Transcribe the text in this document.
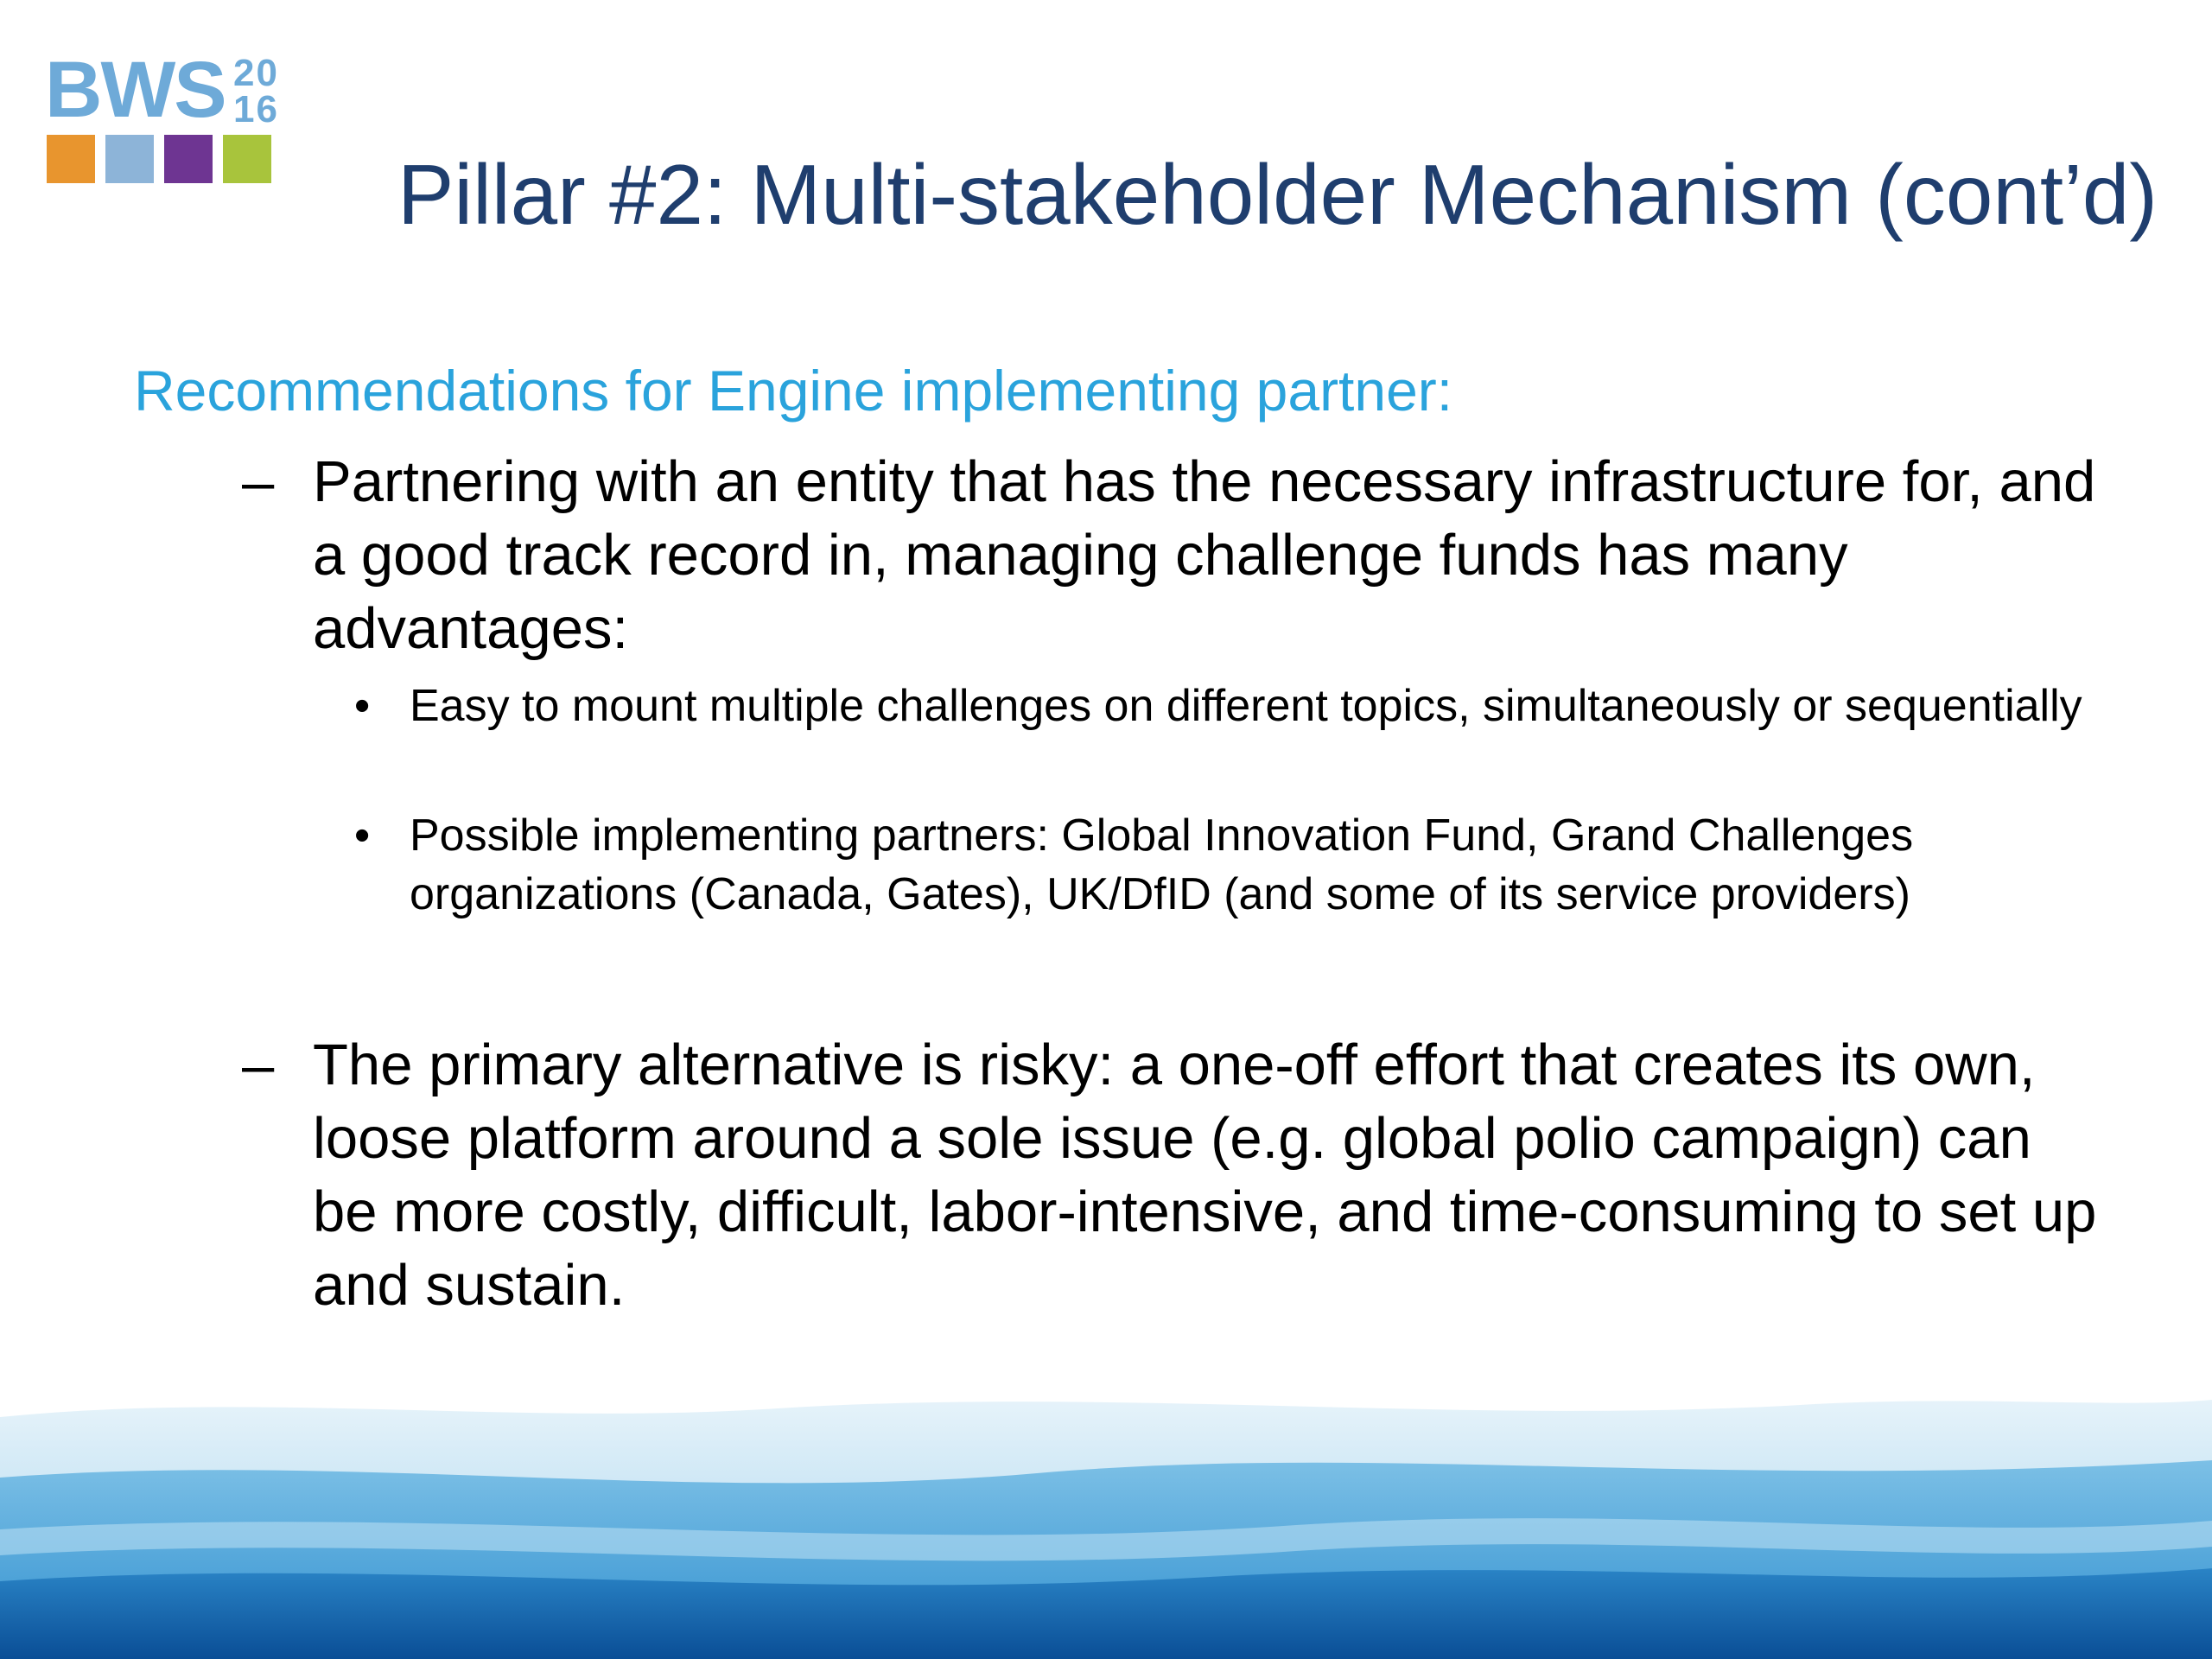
BWS 20
16
Pillar #2: Multi-stakeholder Mechanism (cont’d)
Recommendations for Engine implementing partner:
– Partnering with an entity that has the necessary infrastructure for, and a good track record in, managing challenge funds has many advantages:
• Easy to mount multiple challenges on different topics, simultaneously or sequentially
• Possible implementing partners: Global Innovation Fund, Grand Challenges organizations (Canada, Gates), UK/DfID (and some of its service providers)
– The primary alternative is risky: a one-off effort that creates its own, loose platform around a sole issue (e.g. global polio campaign) can be more costly, difficult, labor-intensive, and time-consuming to set up and sustain.
